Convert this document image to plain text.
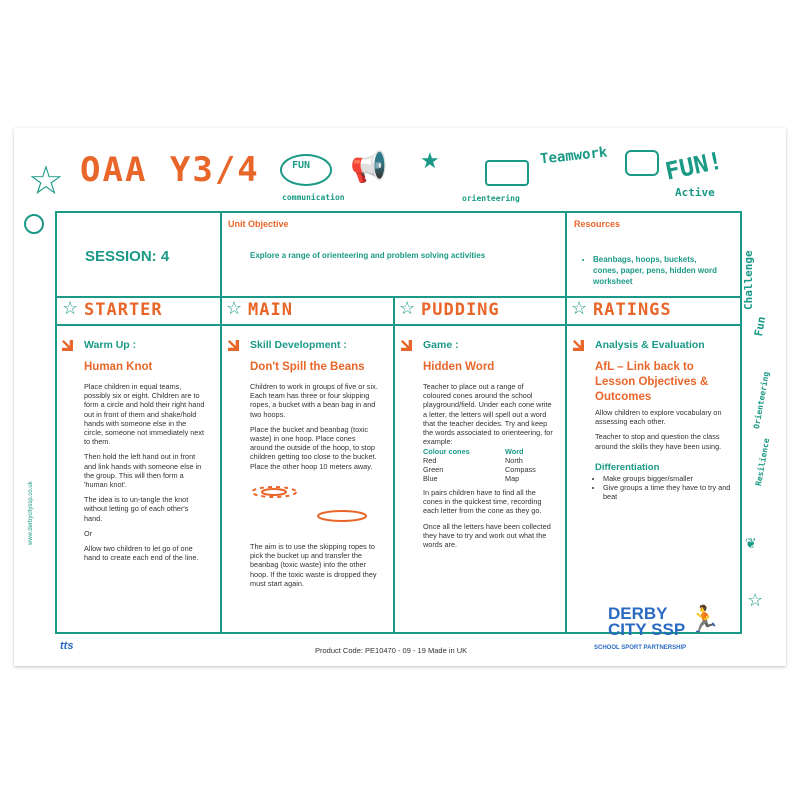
☆	FUN 📢 ★	Teamwork FUN!
Active
communication	orienteering
Challenge
Fun
Orienteering
Resilience
☆
❦
OAA Y3/4
SESSION: 4
Unit Objective
Explore a range of orienteering and problem solving activities
Resources
• Beanbags, hoops, buckets, cones, paper, pens, hidden word worksheet
☆ STARTER	☆ MAIN	☆ PUDDING	☆ RATINGS
Warm Up :
Human Knot

Place children in equal teams, possibly six or eight. Children are to form a circle and hold their right hand out in front of them and shake/hold hands with someone else in the circle, someone not immediately next to them.

Then hold the left hand out in front and link hands with someone else in the group. This will then form a 'human knot'.

The idea is to un-tangle the knot without letting go of each other's hand.

Or

Allow two children to let go of one hand to create each end of the line.

Skill Development :
Don't Spill the Beans

Children to work in groups of five or six. Each team has three or four skipping ropes, a bucket with a bean bag in and two hoops.

Place the bucket and beanbag (toxic waste) in one hoop. Place cones around the outside of the hoop, to stop children getting too close to the bucket. Place the other hoop 10 meters away.

The aim is to use the skipping ropes to pick the bucket up and transfer the beanbag (toxic waste) into the other hoop. If the toxic waste is dropped they must start again.

Game :
Hidden Word

Teacher to place out a range of coloured cones around the school playground/field. Under each cone write a letter, the letters will spell out a word that the teacher decides. Try and keep the words associated to orienteering, for example:

Colour cones	Word
Red	North
Green	Compass
Blue	Map

In pairs children have to find all the cones in the quickest time, recording each letter from the cone as they go.

Once all the letters have been collected they have to try and work out what the words are.

Analysis & Evaluation
AfL – Link back to Lesson Objectives & Outcomes

Allow children to explore vocabulary on assessing each other.

Teacher to stop and question the class around the skills they have been using.

Differentiation
• Make groups bigger/smaller
• Give groups a time they have to try and beat
www.derbycityssp.co.uk
tts	Product Code: PE10470 - 09 - 19 Made in UK
DERBY
CITY SSP 🏃
SCHOOL SPORT PARTNERSHIP
